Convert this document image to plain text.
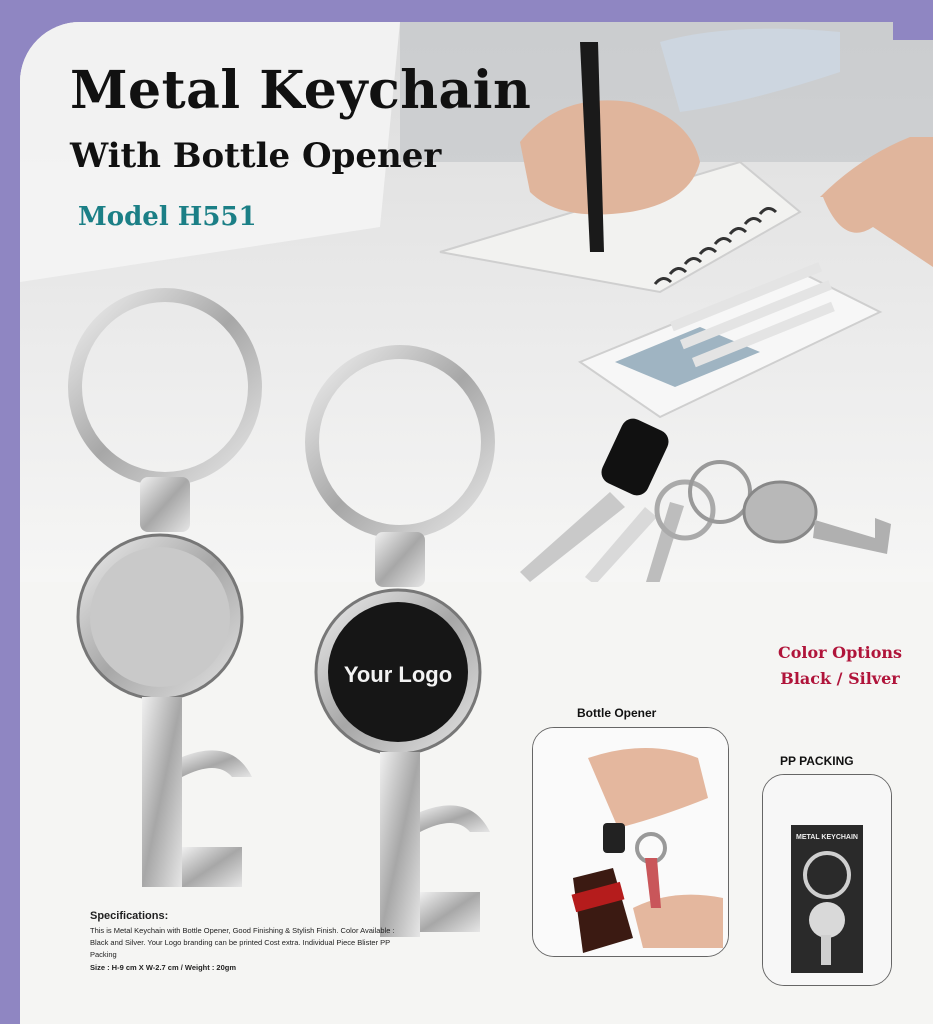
Metal Keychain
With Bottle Opener
Model H551
Your Logo
Color Options
Black / Silver
Bottle Opener
PP PACKING
METAL KEYCHAIN
Specifications:
This is Metal Keychain with Bottle Opener, Good Finishing & Stylish Finish. Color Available : Black and Silver. Your Logo branding can be printed Cost extra. Individual Piece Blister PP Packing
Size : H-9 cm X W-2.7 cm / Weight : 20gm
